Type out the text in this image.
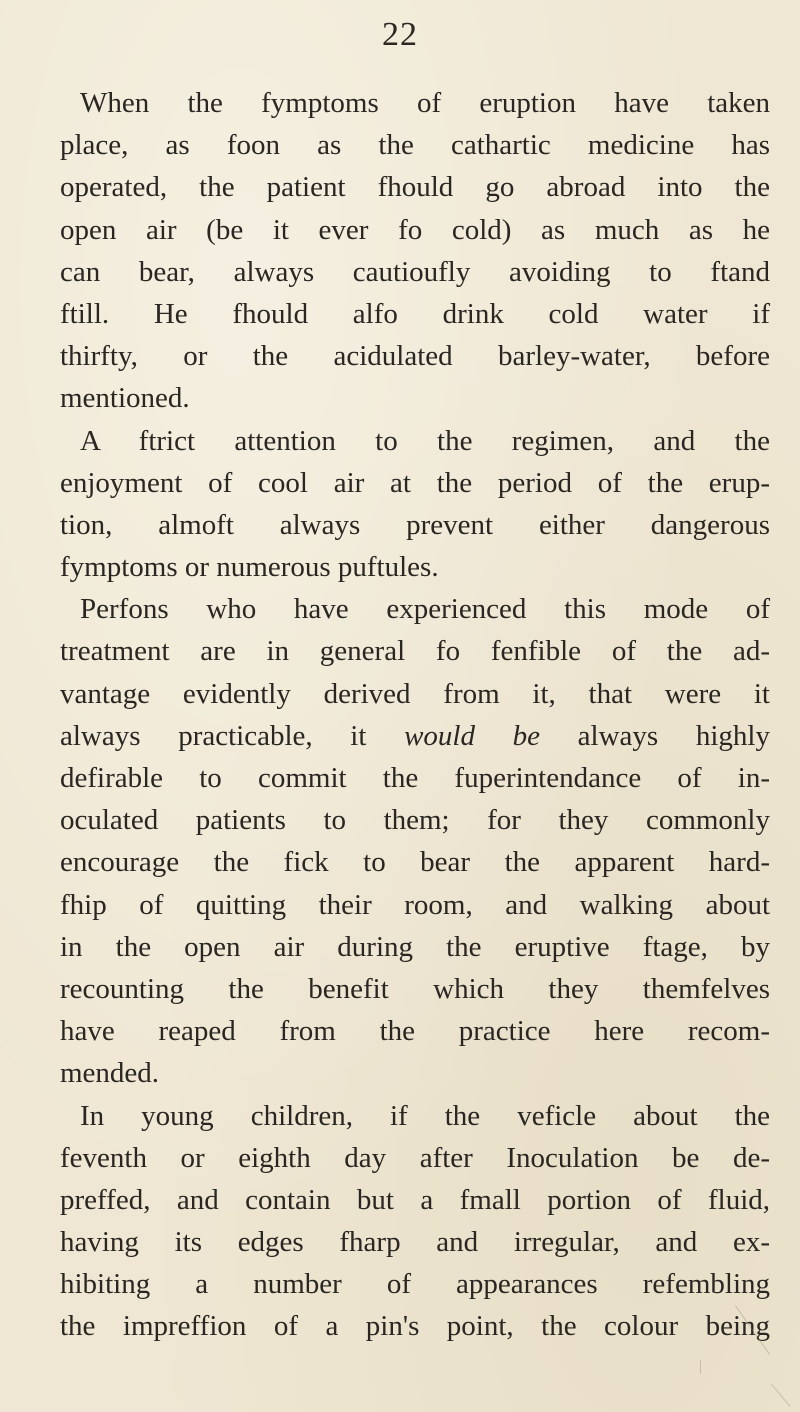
22
When the fymptoms of eruption have taken
place, as foon as the cathartic medicine has
operated, the patient fhould go abroad into the
open air (be it ever fo cold) as much as he
can bear, always cautioufly avoiding to ftand
ftill. He fhould alfo drink cold water if
thirfty, or the acidulated barley-water, before
mentioned.
A ftrict attention to the regimen, and the
enjoyment of cool air at the period of the erup-
tion, almoft always prevent either dangerous
fymptoms or numerous puftules.
Perfons who have experienced this mode of
treatment are in general fo fenfible of the ad-
vantage evidently derived from it, that were it
always practicable, it would be always highly
defirable to commit the fuperintendance of in-
oculated patients to them; for they commonly
encourage the fick to bear the apparent hard-
fhip of quitting their room, and walking about
in the open air during the eruptive ftage, by
recounting the benefit which they themfelves
have reaped from the practice here recom-
mended.
In young children, if the veficle about the
feventh or eighth day after Inoculation be de-
preffed, and contain but a fmall portion of fluid,
having its edges fharp and irregular, and ex-
hibiting a number of appearances refembling
the impreffion of a pin's point, the colour being
